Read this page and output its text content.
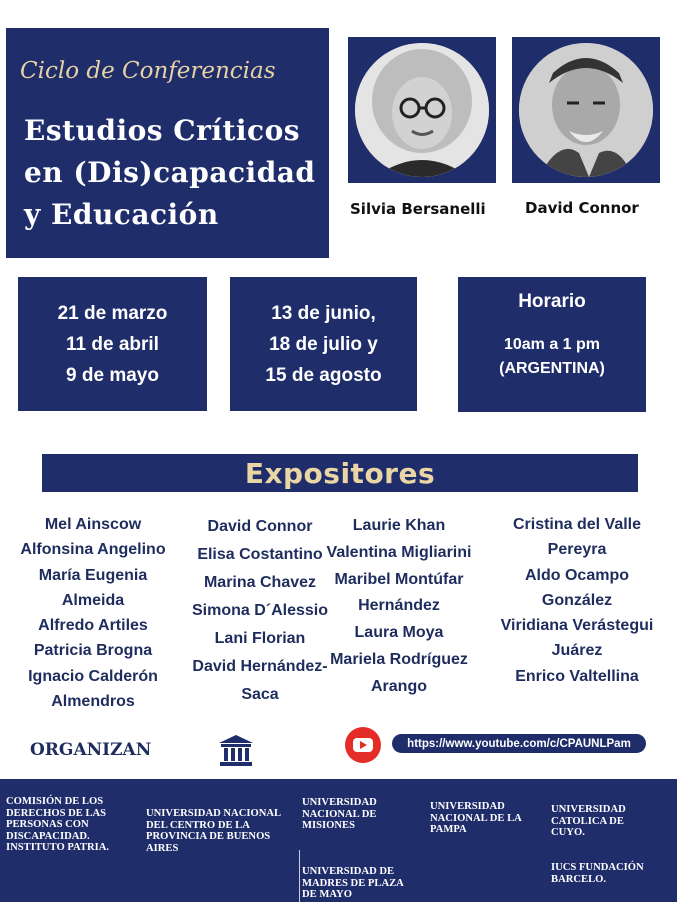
Ciclo de Conferencias
Estudios Críticos
en (Dis)capacidad
y Educación	Silvia Bersanelli	David Connor
21 de marzo
11 de abril
9 de mayo
13 de junio,
18 de julio y
15 de agosto
Horario
10am a 1 pm
(ARGENTINA)
Expositores
Mel Ainscow
Alfonsina Angelino
María Eugenia
Almeida
Alfredo Artiles
Patricia Brogna
Ignacio Calderón
Almendros
David Connor
Elisa Costantino
Marina Chavez
Simona D´Alessio
Lani Florian
David Hernández-
Saca
Laurie Khan
Valentina Migliarini
Maribel Montúfar
Hernández
Laura Moya
Mariela Rodríguez
Arango
Cristina del Valle
Pereyra
Aldo Ocampo
González
Viridiana Verástegui
Juárez
Enrico Valtellina
ORGANIZAN	https://www.youtube.com/c/CPAUNLPam
COMISIÓN DE LOS DERECHOS DE LAS PERSONAS CON DISCAPACIDAD. INSTITUTO PATRIA.
UNIVERSIDAD NACIONAL DEL CENTRO DE LA PROVINCIA DE BUENOS AIRES
UNIVERSIDAD NACIONAL DE MISIONES
UNIVERSIDAD DE MADRES DE PLAZA DE MAYO
UNIVERSIDAD NACIONAL DE LA PAMPA
UNIVERSIDAD CATOLICA DE CUYO.
IUCS FUNDACIÓN BARCELO.
